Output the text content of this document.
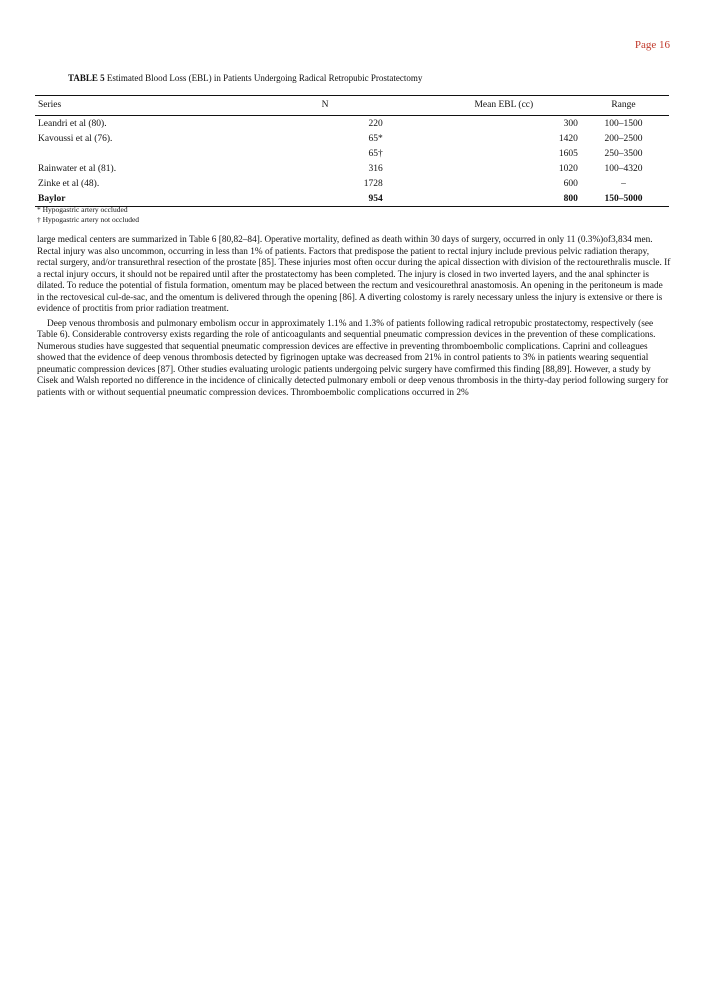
Page 16
TABLE 5 Estimated Blood Loss (EBL) in Patients Undergoing Radical Retropubic Prostatectomy
Series	N	Mean EBL (cc)	Range
Leandri et al (80).	220	300	100–1500
Kavoussi et al (76).	65*	1420	200–2500
	65†	1605	250–3500
Rainwater et al (81).	316	1020	100–4320
Zinke et al (48).	1728	600	–
Baylor	954	800	150–5000
* Hypogastric artery occluded
† Hypogastric artery not occluded

large medical centers are summarized in Table 6 [80,82–84]. Operative mortality, defined as death within 30 days of surgery, occurred in only 11 (0.3%)of3,834 men. Rectal injury was also uncommon, occurring in less than 1% of patients. Factors that predispose the patient to rectal injury include previous pelvic radiation therapy, rectal surgery, and/or transurethral resection of the prostate [85]. These injuries most often occur during the apical dissection with division of the rectourethralis muscle. If a rectal injury occurs, it should not be repaired until after the prostatectomy has been completed. The injury is closed in two inverted layers, and the anal sphincter is dilated. To reduce the potential of fistula formation, omentum may be placed between the rectum and vesicourethral anastomosis. An opening in the peritoneum is made in the rectovesical cul-de-sac, and the omentum is delivered through the opening [86]. A diverting colostomy is rarely necessary unless the injury is extensive or there is evidence of proctitis from prior radiation treatment.

Deep venous thrombosis and pulmonary embolism occur in approximately 1.1% and 1.3% of patients following radical retropubic prostatectomy, respectively (see Table 6). Considerable controversy exists regarding the role of anticoagulants and sequential pneumatic compression devices in the prevention of these complications. Numerous studies have suggested that sequential pneumatic compression devices are effective in preventing thromboembolic complications. Caprini and colleagues showed that the evidence of deep venous thrombosis detected by figrinogen uptake was decreased from 21% in control patients to 3% in patients wearing sequential pneumatic compression devices [87]. Other studies evaluating urologic patients undergoing pelvic surgery have comfirmed this finding [88,89]. However, a study by Cisek and Walsh reported no difference in the incidence of clinically detected pulmonary emboli or deep venous thrombosis in the thirty-day period following surgery for patients with or without sequential pneumatic compression devices. Thromboembolic complications occurred in 2%
